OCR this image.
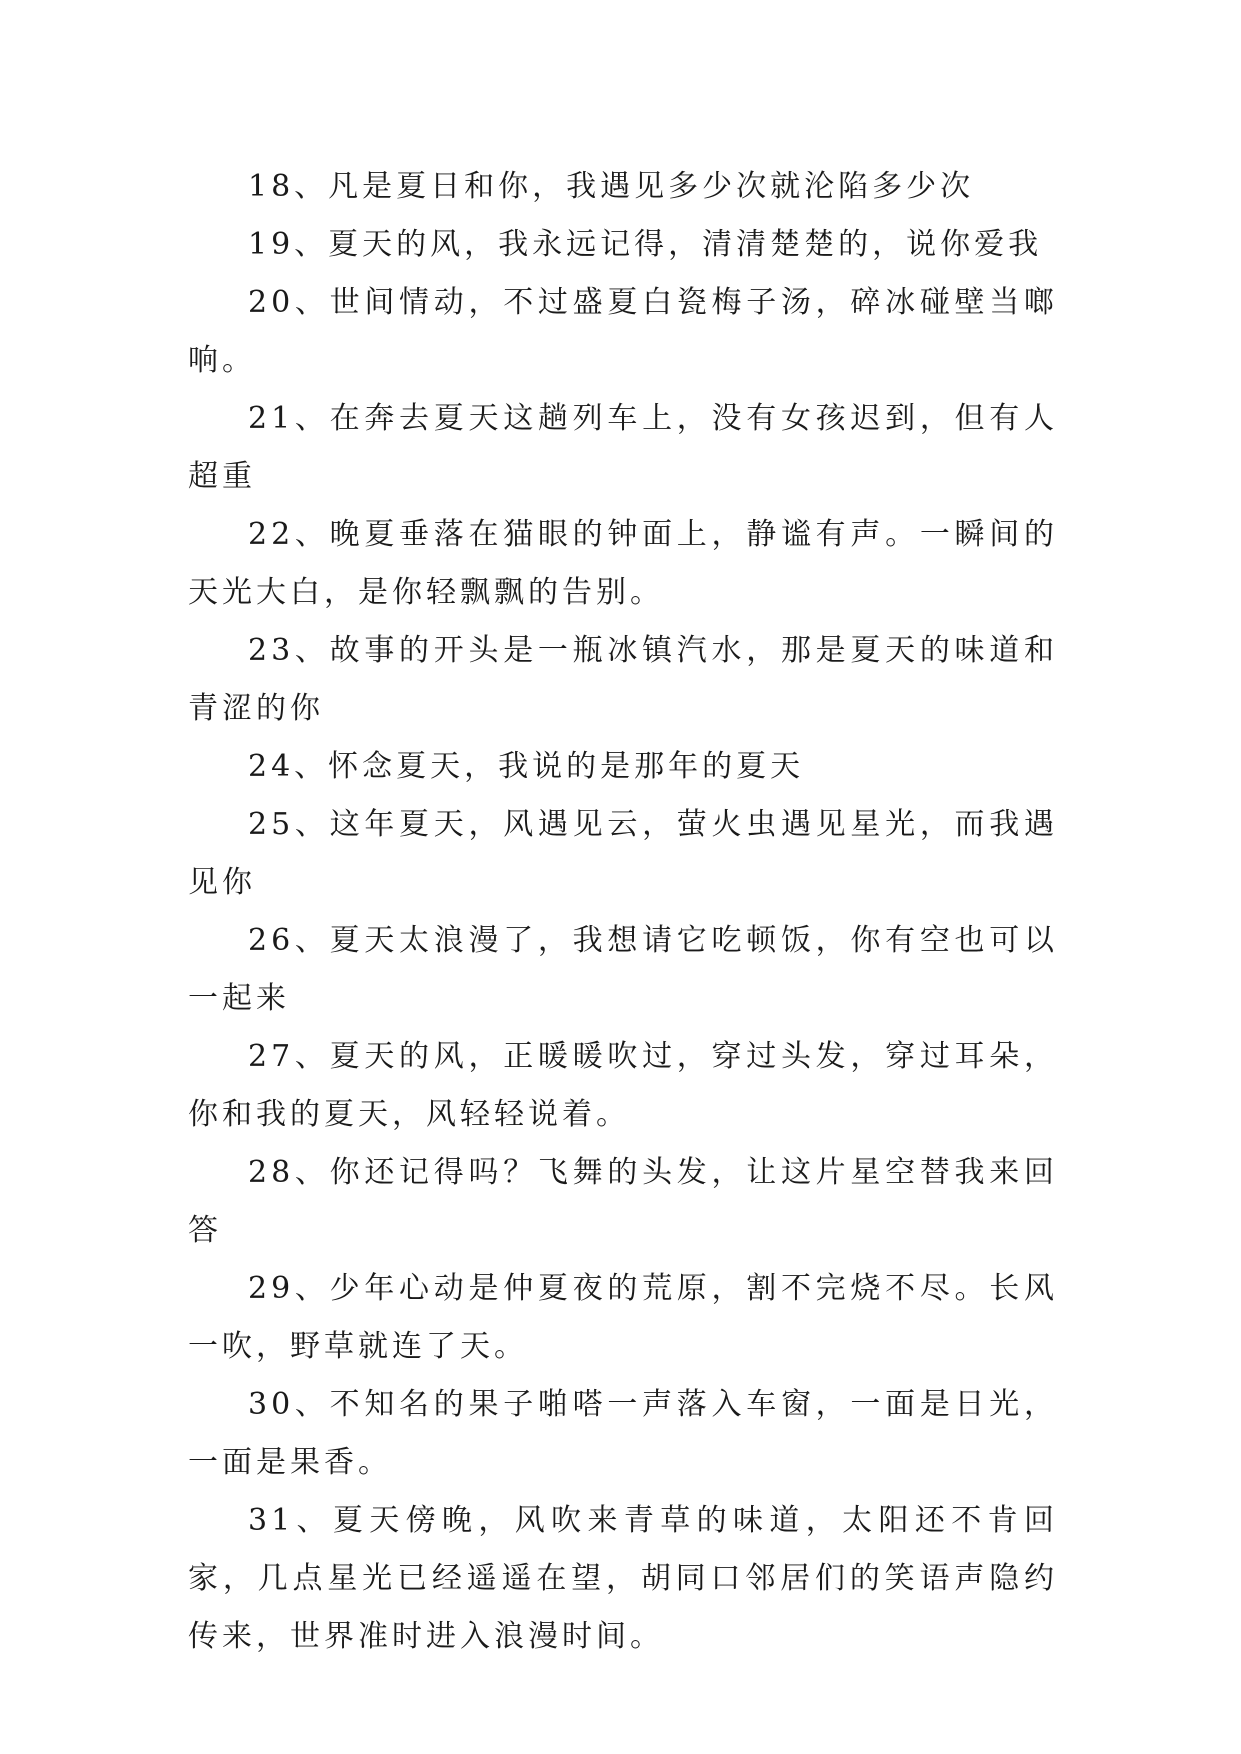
18、凡是夏日和你，我遇见多少次就沦陷多少次

19、夏天的风，我永远记得，清清楚楚的，说你爱我

20、世间情动，不过盛夏白瓷梅子汤，碎冰碰壁当啷响。

21、在奔去夏天这趟列车上，没有女孩迟到，但有人超重

22、晚夏垂落在猫眼的钟面上，静谧有声。一瞬间的天光大白，是你轻飘飘的告别。

23、故事的开头是一瓶冰镇汽水，那是夏天的味道和青涩的你

24、怀念夏天，我说的是那年的夏天

25、这年夏天，风遇见云，萤火虫遇见星光，而我遇见你

26、夏天太浪漫了，我想请它吃顿饭，你有空也可以一起来

27、夏天的风，正暖暖吹过，穿过头发，穿过耳朵，你和我的夏天，风轻轻说着。

28、你还记得吗？飞舞的头发，让这片星空替我来回答

29、少年心动是仲夏夜的荒原，割不完烧不尽。长风一吹，野草就连了天。

30、不知名的果子啪嗒一声落入车窗，一面是日光，一面是果香。

31、夏天傍晚，风吹来青草的味道，太阳还不肯回家，几点星光已经遥遥在望，胡同口邻居们的笑语声隐约传来，世界准时进入浪漫时间。
